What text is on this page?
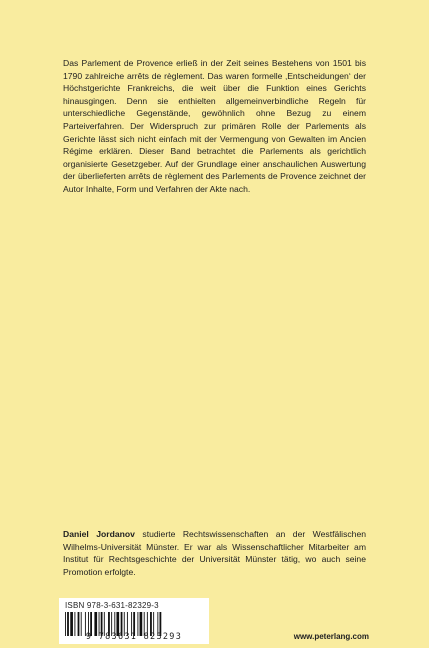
Das Parlement de Provence erließ in der Zeit seines Bestehens von 1501 bis 1790 zahlreiche arrêts de règlement. Das waren formelle ‚Entscheidungen‘ der Höchstgerichte Frankreichs, die weit über die Funktion eines Gerichts hinausgingen. Denn sie enthielten allgemeinverbindliche Regeln für unterschiedliche Gegenstände, gewöhnlich ohne Bezug zu einem Parteiverfahren. Der Widerspruch zur primären Rolle der Parlements als Gerichte lässt sich nicht einfach mit der Vermengung von Gewalten im Ancien Régime erklären. Dieser Band betrachtet die Parlements als gerichtlich organisierte Gesetzgeber. Auf der Grundlage einer anschaulichen Auswertung der überlieferten arrêts de règlement des Parlements de Provence zeichnet der Autor Inhalte, Form und Verfahren der Akte nach.

Daniel Jordanov studierte Rechtswissenschaften an der Westfälischen Wilhelms-Universität Münster. Er war als Wissenschaftlicher Mitarbeiter am Institut für Rechtsgeschichte der Universität Münster tätig, wo auch seine Promotion erfolgte.

ISBN 978-3-631-82329-3
9 783631 823293	www.peterlang.com
